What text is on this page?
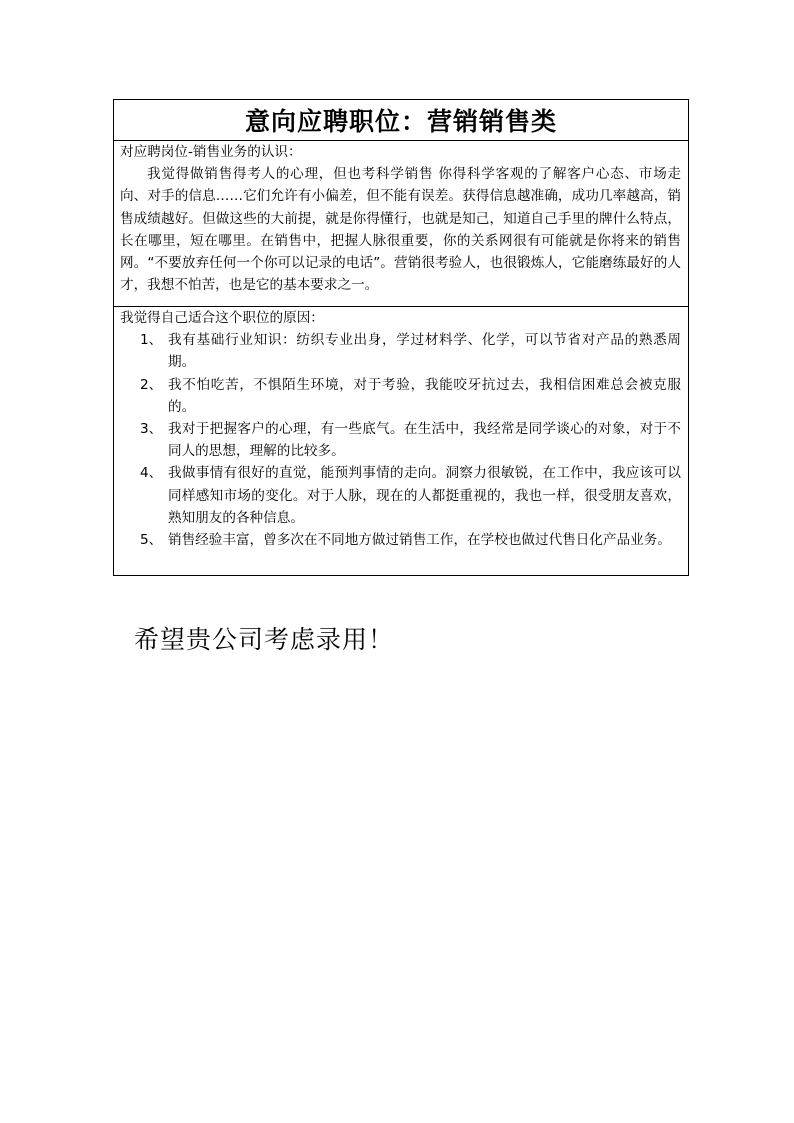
意向应聘职位：营销销售类
对应聘岗位-销售业务的认识：
我觉得做销售得考人的心理，但也考科学销售 你得科学客观的了解客户心态、市场走向、对手的信息……它们允许有小偏差，但不能有误差。获得信息越准确，成功几率越高，销售成绩越好。但做这些的大前提，就是你得懂行，也就是知己，知道自己手里的牌什么特点，长在哪里，短在哪里。在销售中，把握人脉很重要，你的关系网很有可能就是你将来的销售网。“不要放弃任何一个你可以记录的电话”。营销很考验人，也很锻炼人，它能磨练最好的人才，我想不怕苦，也是它的基本要求之一。
我觉得自己适合这个职位的原因：
1、 我有基础行业知识：纺织专业出身，学过材料学、化学，可以节省对产品的熟悉周期。
2、 我不怕吃苦，不惧陌生环境，对于考验，我能咬牙抗过去，我相信困难总会被克服的。
3、 我对于把握客户的心理，有一些底气。在生活中，我经常是同学谈心的对象，对于不同人的思想，理解的比较多。
4、 我做事情有很好的直觉，能预判事情的走向。洞察力很敏锐，在工作中，我应该可以同样感知市场的变化。对于人脉，现在的人都挺重视的，我也一样，很受朋友喜欢，熟知朋友的各种信息。
5、 销售经验丰富，曾多次在不同地方做过销售工作，在学校也做过代售日化产品业务。
希望贵公司考虑录用！
